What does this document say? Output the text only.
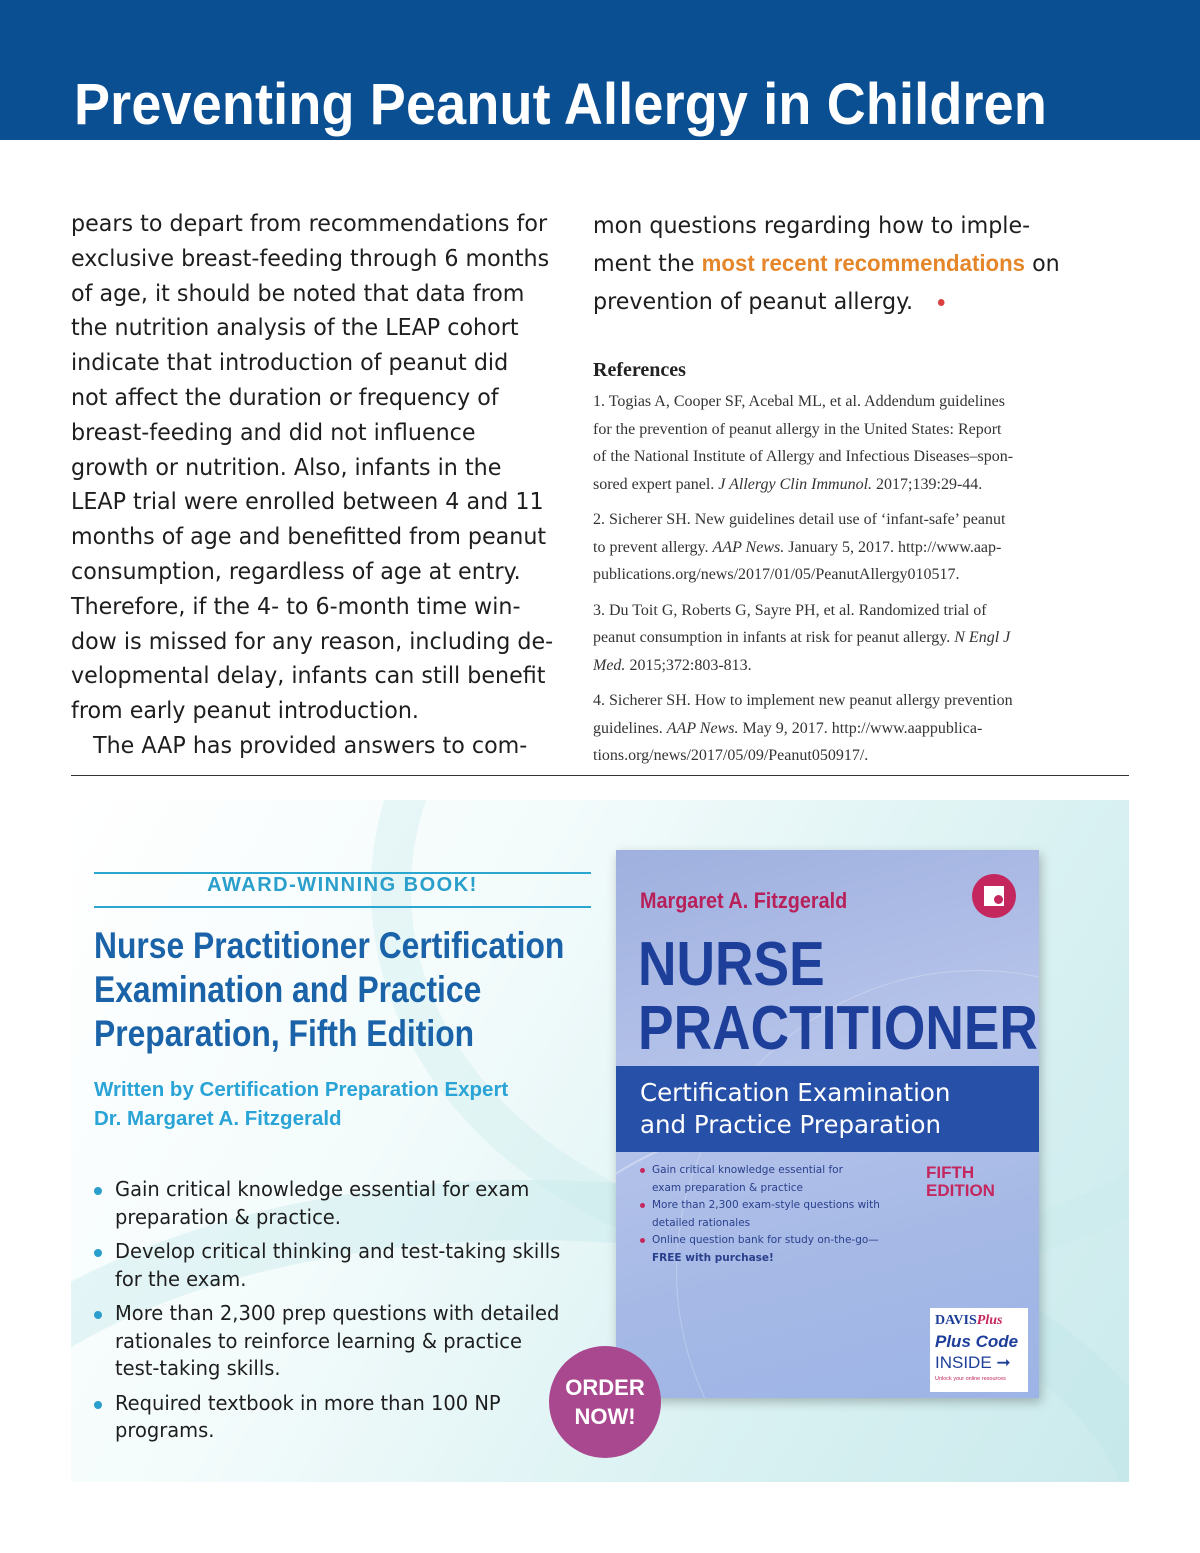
Preventing Peanut Allergy in Children

pears to depart from recommendations for
exclusive breast-feeding through 6 months
of age, it should be noted that data from
the nutrition analysis of the LEAP cohort
indicate that introduction of peanut did
not affect the duration or frequency of
breast-feeding and did not influence
growth or nutrition. Also, infants in the
LEAP trial were enrolled between 4 and 11
months of age and benefitted from peanut
consumption, regardless of age at entry.
Therefore, if the 4- to 6-month time win-
dow is missed for any reason, including de-
velopmental delay, infants can still benefit
from early peanut introduction.

The AAP has provided answers to com-

mon questions regarding how to imple-
ment the most recent recommendations on
prevention of peanut allergy.
References
1. Togias A, Cooper SF, Acebal ML, et al. Addendum guidelines
for the prevention of peanut allergy in the United States: Report
of the National Institute of Allergy and Infectious Diseases–spon-
sored expert panel. J Allergy Clin Immunol. 2017;139:29-44.
2. Sicherer SH. New guidelines detail use of ‘infant-safe’ peanut
to prevent allergy. AAP News. January 5, 2017. http://www.aap-
publications.org/news/2017/01/05/PeanutAllergy010517.
3. Du Toit G, Roberts G, Sayre PH, et al. Randomized trial of
peanut consumption in infants at risk for peanut allergy. N Engl J
Med. 2015;372:803-813.
4. Sicherer SH. How to implement new peanut allergy prevention
guidelines. AAP News. May 9, 2017. http://www.aappublica-
tions.org/news/2017/05/09/Peanut050917/.
AWARD-WINNING BOOK!
Nurse Practitioner Certification
Examination and Practice
Preparation, Fifth Edition
Written by Certification Preparation Expert
Dr. Margaret A. Fitzgerald
Gain critical knowledge essential for exam
preparation & practice.
Develop critical thinking and test-taking skills
for the exam.
More than 2,300 prep questions with detailed
rationales to reinforce learning & practice
test-taking skills.
Required textbook in more than 100 NP
programs.
Margaret A. Fitzgerald
NURSE
PRACTITIONER
Certification Examination
and Practice Preparation
Gain critical knowledge essential for
exam preparation & practice
More than 2,300 exam-style questions with
detailed rationales
Online question bank for study on-the-go—
FREE with purchase!
FIFTH
EDITION
DAVISPlus
Plus Code
INSIDE ➞
Unlock your online resources
ORDER
NOW!
